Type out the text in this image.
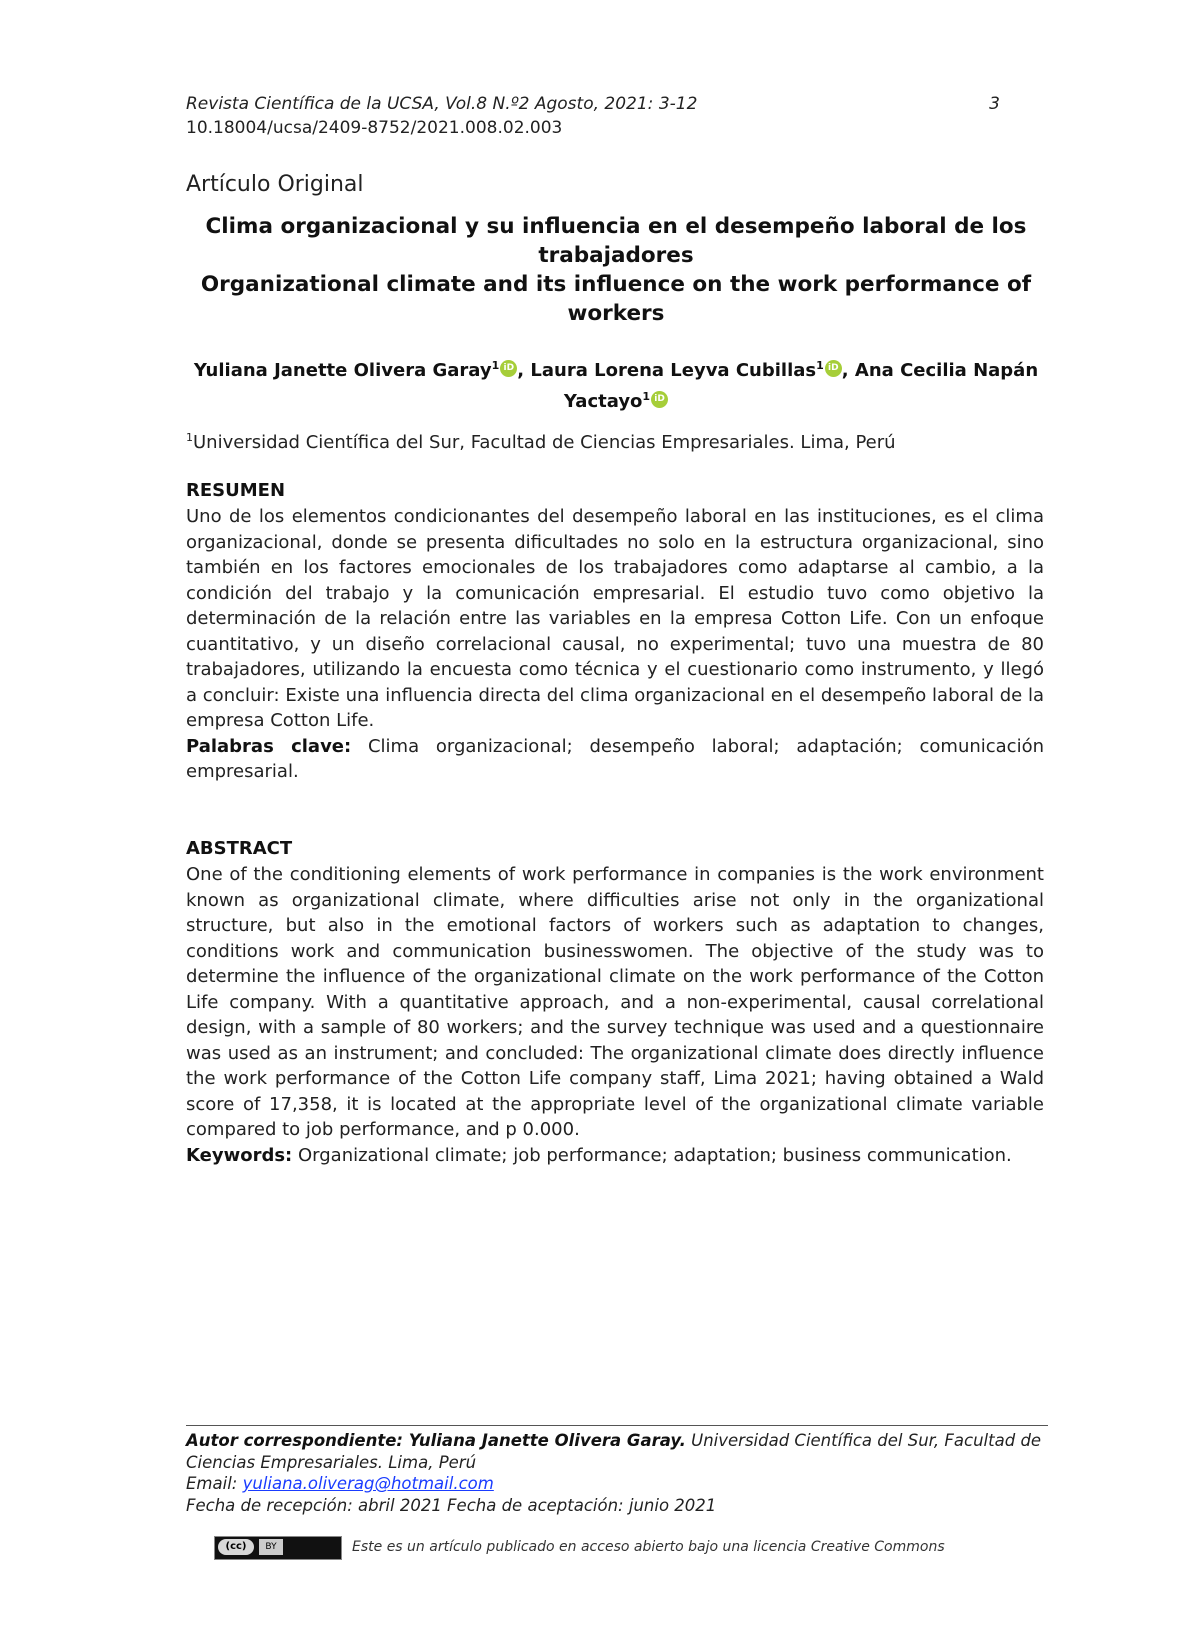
Revista Científica de la UCSA, Vol.8 N.º2 Agosto, 2021: 3-12
10.18004/ucsa/2409-8752/2021.008.02.003
3
Artículo Original
Clima organizacional y su influencia en el desempeño laboral de los trabajadores
Organizational climate and its influence on the work performance of workers
Yuliana Janette Olivera Garay$^1$ iD , Laura Lorena Leyva Cubillas$^1$ iD , Ana Cecilia Napán Yactayo$^1$ iD
$^1$Universidad Científica del Sur, Facultad de Ciencias Empresariales. Lima, Perú
RESUMEN
Uno de los elementos condicionantes del desempeño laboral en las instituciones, es el clima organizacional, donde se presenta dificultades no solo en la estructura organizacional, sino también en los factores emocionales de los trabajadores como adaptarse al cambio, a la condición del trabajo y la comunicación empresarial. El estudio tuvo como objetivo la determinación de la relación entre las variables en la empresa Cotton Life. Con un enfoque cuantitativo, y un diseño correlacional causal, no experimental; tuvo una muestra de 80 trabajadores, utilizando la encuesta como técnica y el cuestionario como instrumento, y llegó a concluir: Existe una influencia directa del clima organizacional en el desempeño laboral de la empresa Cotton Life.
Palabras clave: Clima organizacional; desempeño laboral; adaptación; comunicación empresarial.
ABSTRACT
One of the conditioning elements of work performance in companies is the work environment known as organizational climate, where difficulties arise not only in the organizational structure, but also in the emotional factors of workers such as adaptation to changes, conditions work and communication businesswomen. The objective of the study was to determine the influence of the organizational climate on the work performance of the Cotton Life company. With a quantitative approach, and a non-experimental, causal correlational design, with a sample of 80 workers; and the survey technique was used and a questionnaire was used as an instrument; and concluded: The organizational climate does directly influence the work performance of the Cotton Life company staff, Lima 2021; having obtained a Wald score of 17,358, it is located at the appropriate level of the organizational climate variable compared to job performance, and p 0.000.
Keywords: Organizational climate; job performance; adaptation; business communication.
Autor correspondiente: Yuliana Janette Olivera Garay. Universidad Científica del Sur, Facultad de Ciencias Empresariales. Lima, Perú
Email: yuliana.oliverag@hotmail.com
Fecha de recepción: abril 2021 Fecha de aceptación: junio 2021
(cc)	BY	Este es un artículo publicado en acceso abierto bajo una licencia Creative Commons
